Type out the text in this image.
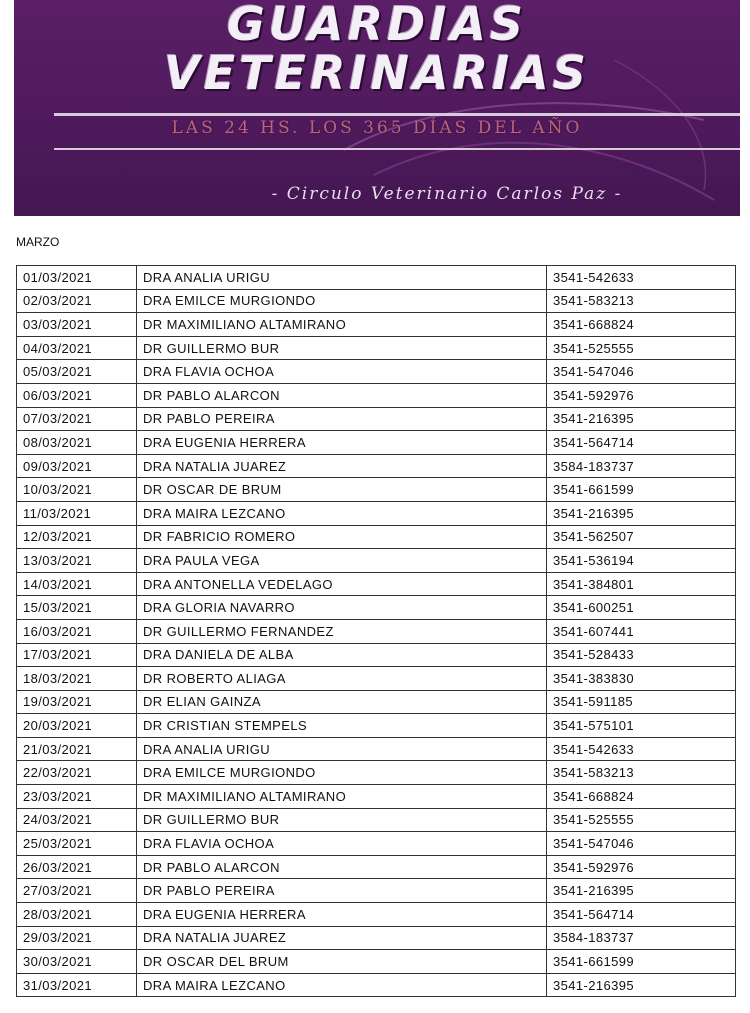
GUARDIAS
VETERINARIAS
LAS 24 HS. LOS 365 DÍAS DEL AÑO
- Circulo Veterinario Carlos Paz -
MARZO
01/03/2021	DRA ANALIA URIGU	3541-542633
02/03/2021	DRA EMILCE MURGIONDO	3541-583213
03/03/2021	DR MAXIMILIANO ALTAMIRANO	3541-668824
04/03/2021	DR GUILLERMO BUR	3541-525555
05/03/2021	DRA FLAVIA OCHOA	3541-547046
06/03/2021	DR PABLO ALARCON	3541-592976
07/03/2021	DR PABLO PEREIRA	3541-216395
08/03/2021	DRA EUGENIA HERRERA	3541-564714
09/03/2021	DRA NATALIA JUAREZ	3584-183737
10/03/2021	DR OSCAR DE BRUM	3541-661599
11/03/2021	DRA MAIRA LEZCANO	3541-216395
12/03/2021	DR FABRICIO ROMERO	3541-562507
13/03/2021	DRA PAULA VEGA	3541-536194
14/03/2021	DRA ANTONELLA VEDELAGO	3541-384801
15/03/2021	DRA GLORIA NAVARRO	3541-600251
16/03/2021	DR GUILLERMO FERNANDEZ	3541-607441
17/03/2021	DRA DANIELA DE ALBA	3541-528433
18/03/2021	DR ROBERTO ALIAGA	3541-383830
19/03/2021	DR ELIAN GAINZA	3541-591185
20/03/2021	DR CRISTIAN STEMPELS	3541-575101
21/03/2021	DRA ANALIA URIGU	3541-542633
22/03/2021	DRA EMILCE MURGIONDO	3541-583213
23/03/2021	DR MAXIMILIANO ALTAMIRANO	3541-668824
24/03/2021	DR GUILLERMO BUR	3541-525555
25/03/2021	DRA FLAVIA OCHOA	3541-547046
26/03/2021	DR PABLO ALARCON	3541-592976
27/03/2021	DR PABLO PEREIRA	3541-216395
28/03/2021	DRA EUGENIA HERRERA	3541-564714
29/03/2021	DRA NATALIA JUAREZ	3584-183737
30/03/2021	DR OSCAR DEL BRUM	3541-661599
31/03/2021	DRA MAIRA LEZCANO	3541-216395
